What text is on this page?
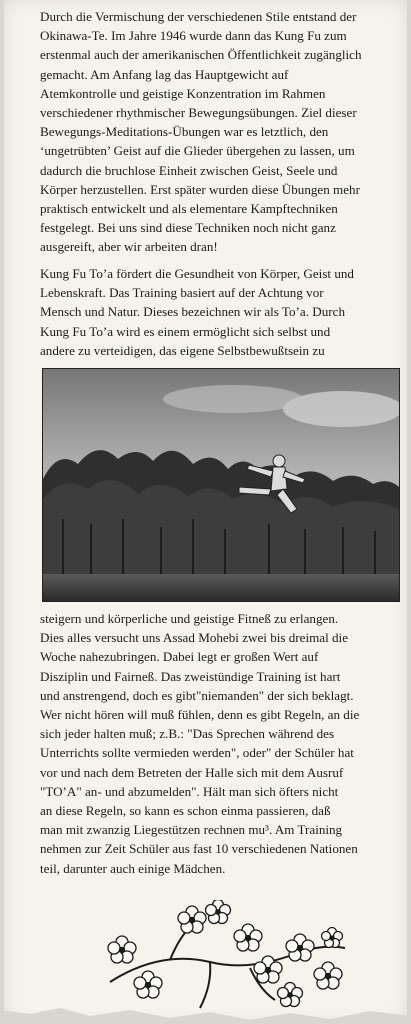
Durch die Vermischung der verschiedenen Stile entstand der
Okinawa-Te. Im Jahre 1946 wurde dann das Kung Fu zum
erstenmal auch der amerikanischen Öffentlichkeit zugänglich
gemacht. Am Anfang lag das Hauptgewicht auf
Atemkontrolle und geistige Konzentration im Rahmen
verschiedener rhythmischer Bewegungsübungen. Ziel dieser
Bewegungs-Meditations-Übungen war es letztlich, den
‘ungetrübten’ Geist auf die Glieder übergehen zu lassen, um
dadurch die bruchlose Einheit zwischen Geist, Seele und
Körper herzustellen. Erst später wurden diese Übungen mehr
praktisch entwickelt und als elementare Kampftechniken
festgelegt. Bei uns sind diese Techniken noch nicht ganz
ausgereift, aber wir arbeiten dran!

Kung Fu To’a fördert die Gesundheit von Körper, Geist und
Lebenskraft. Das Training basiert auf der Achtung vor
Mensch und Natur. Dieses bezeichnen wir als To’a. Durch
Kung Fu To’a wird es einem ermöglicht sich selbst und
andere zu verteidigen, das eigene Selbstbewußtsein zu

steigern und körperliche und geistige Fitneß zu erlangen.
Dies alles versucht uns Assad Mohebi zwei bis dreimal die
Woche nahezubringen. Dabei legt er großen Wert auf
Disziplin und Fairneß. Das zweistündige Training ist hart
und anstrengend, doch es gibt"niemanden" der sich beklagt.
Wer nicht hören will muß fühlen, denn es gibt Regeln, an die
sich jeder halten muß; z.B.: "Das Sprechen während des
Unterrichts sollte vermieden werden", oder" der Schüler hat
vor und nach dem Betreten der Halle sich mit dem Ausruf
"TO’A" an- und abzumelden". Hält man sich öfters nicht
an diese Regeln, so kann es schon einma passieren, daß
man mit zwanzig Liegestützen rechnen mu³. Am Training
nehmen zur Zeit Schüler aus fast 10 verschiedenen Nationen
teil, darunter auch einige Mädchen.
